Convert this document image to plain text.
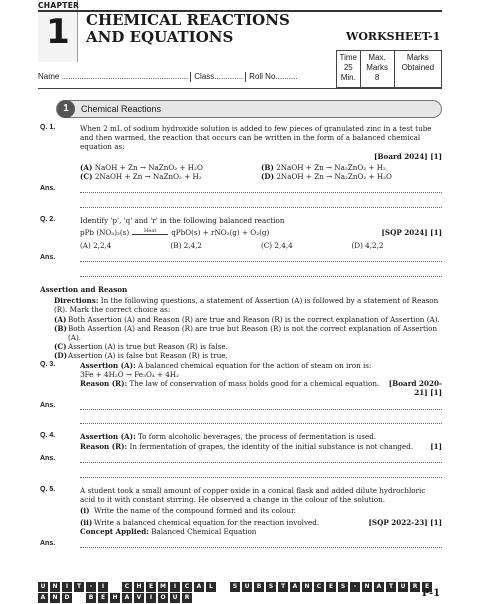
CHAPTER
1	CHEMICAL REACTIONS
AND EQUATIONS	WORKSHEET-1
Time
25 Min.

Max. Marks
8

Marks Obtained
Name ......................................................... Class............. Roll No..........
1	Chemical Reactions
Q. 1.	When 2 mL of sodium hydroxide solution is added to few pieces of granulated zinc in a test tube and then warmed, the reaction that occurs can be written in the form of a balanced chemical equation as:
[Board 2024] [1]
(A) NaOH + Zn → NaZnO₂ + H₂O	(B) 2NaOH + Zn → Na₂ZnO₂ + H₂
(C) 2NaOH + Zn → NaZnO₂ + H₂	(D) 2NaOH + Zn → Na₂ZnO₂ + H₂O
Ans.
Q. 2.	Identify 'p', 'q' and 'r' in the following balanced reaction
pPb (NO₃)₂(s)	Heat	qPbO(s) + rNO₂(g) + O₂(g)	[SQP 2024] [1]
(A) 2,2,4	(B) 2,4,2	(C) 2,4,4	(D) 4,2,2
Ans.
Assertion and Reason
Directions: In the following questions, a statement of Assertion (A) is followed by a statement of Reason (R). Mark the correct choice as:
(A) Both Assertion (A) and Reason (R) are true and Reason (R) is the correct explanation of Assertion (A).
(B) Both Assertion (A) and Reason (R) are true but Reason (R) is not the correct explanation of Assertion (A).
(C) Assertion (A) is true but Reason (R) is false.
(D) Assertion (A) is false but Reason (R) is true.
Q. 3.	Assertion (A): A balanced chemical equation for the action of steam on iron is:
3Fe + 4H₂O → Fe₃O₄ + 4H₂
Reason (R): The law of conservation of mass holds good for a chemical equation.	[Board 2020-21] [1]
Ans.
Q. 4.	Assertion (A): To form alcoholic beverages, the process of fermentation is used.
Reason (R): In fermentation of grapes, the identity of the initial substance is not changed.	[1]
Ans.
Q. 5.	A student took a small amount of copper oxide in a conical flask and added dilute hydrochloric acid to it with constant stirring. He observed a change in the colour of the solution.
(i) Write the name of the compound formed and its colour.
(ii) Write a balanced chemical equation for the reaction involved.	[SQP 2022-23] [1]
Concept Applied: Balanced Chemical Equation
Ans.
U	N	I	T	-	I	C	H	E	M	I	C	A	L	S	U	B	S	T	A	N	C	E	S	-	N	A	T	U	R	E
A	N	D	B	E	H	A	V	I	O	U	R	P-1
